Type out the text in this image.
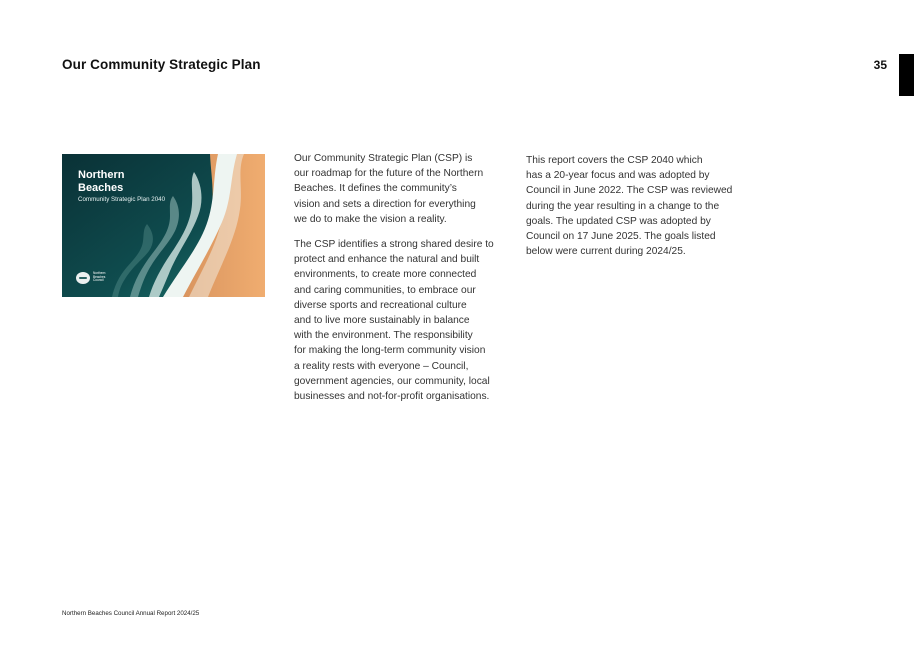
Our Community Strategic Plan	35
Northern
Beaches
Community Strategic Plan 2040
Northern
Beaches
Council

Our Community Strategic Plan (CSP) is
our roadmap for the future of the Northern
Beaches. It defines the community’s
vision and sets a direction for everything
we do to make the vision a reality.

The CSP identifies a strong shared desire to
protect and enhance the natural and built
environments, to create more connected
and caring communities, to embrace our
diverse sports and recreational culture
and to live more sustainably in balance
with the environment. The responsibility
for making the long-term community vision
a reality rests with everyone – Council,
government agencies, our community, local
businesses and not-for-profit organisations.

This report covers the CSP 2040 which
has a 20-year focus and was adopted by
Council in June 2022. The CSP was reviewed
during the year resulting in a change to the
goals. The updated CSP was adopted by
Council on 17 June 2025. The goals listed
below were current during 2024/25.

Northern Beaches Council Annual Report 2024/25
